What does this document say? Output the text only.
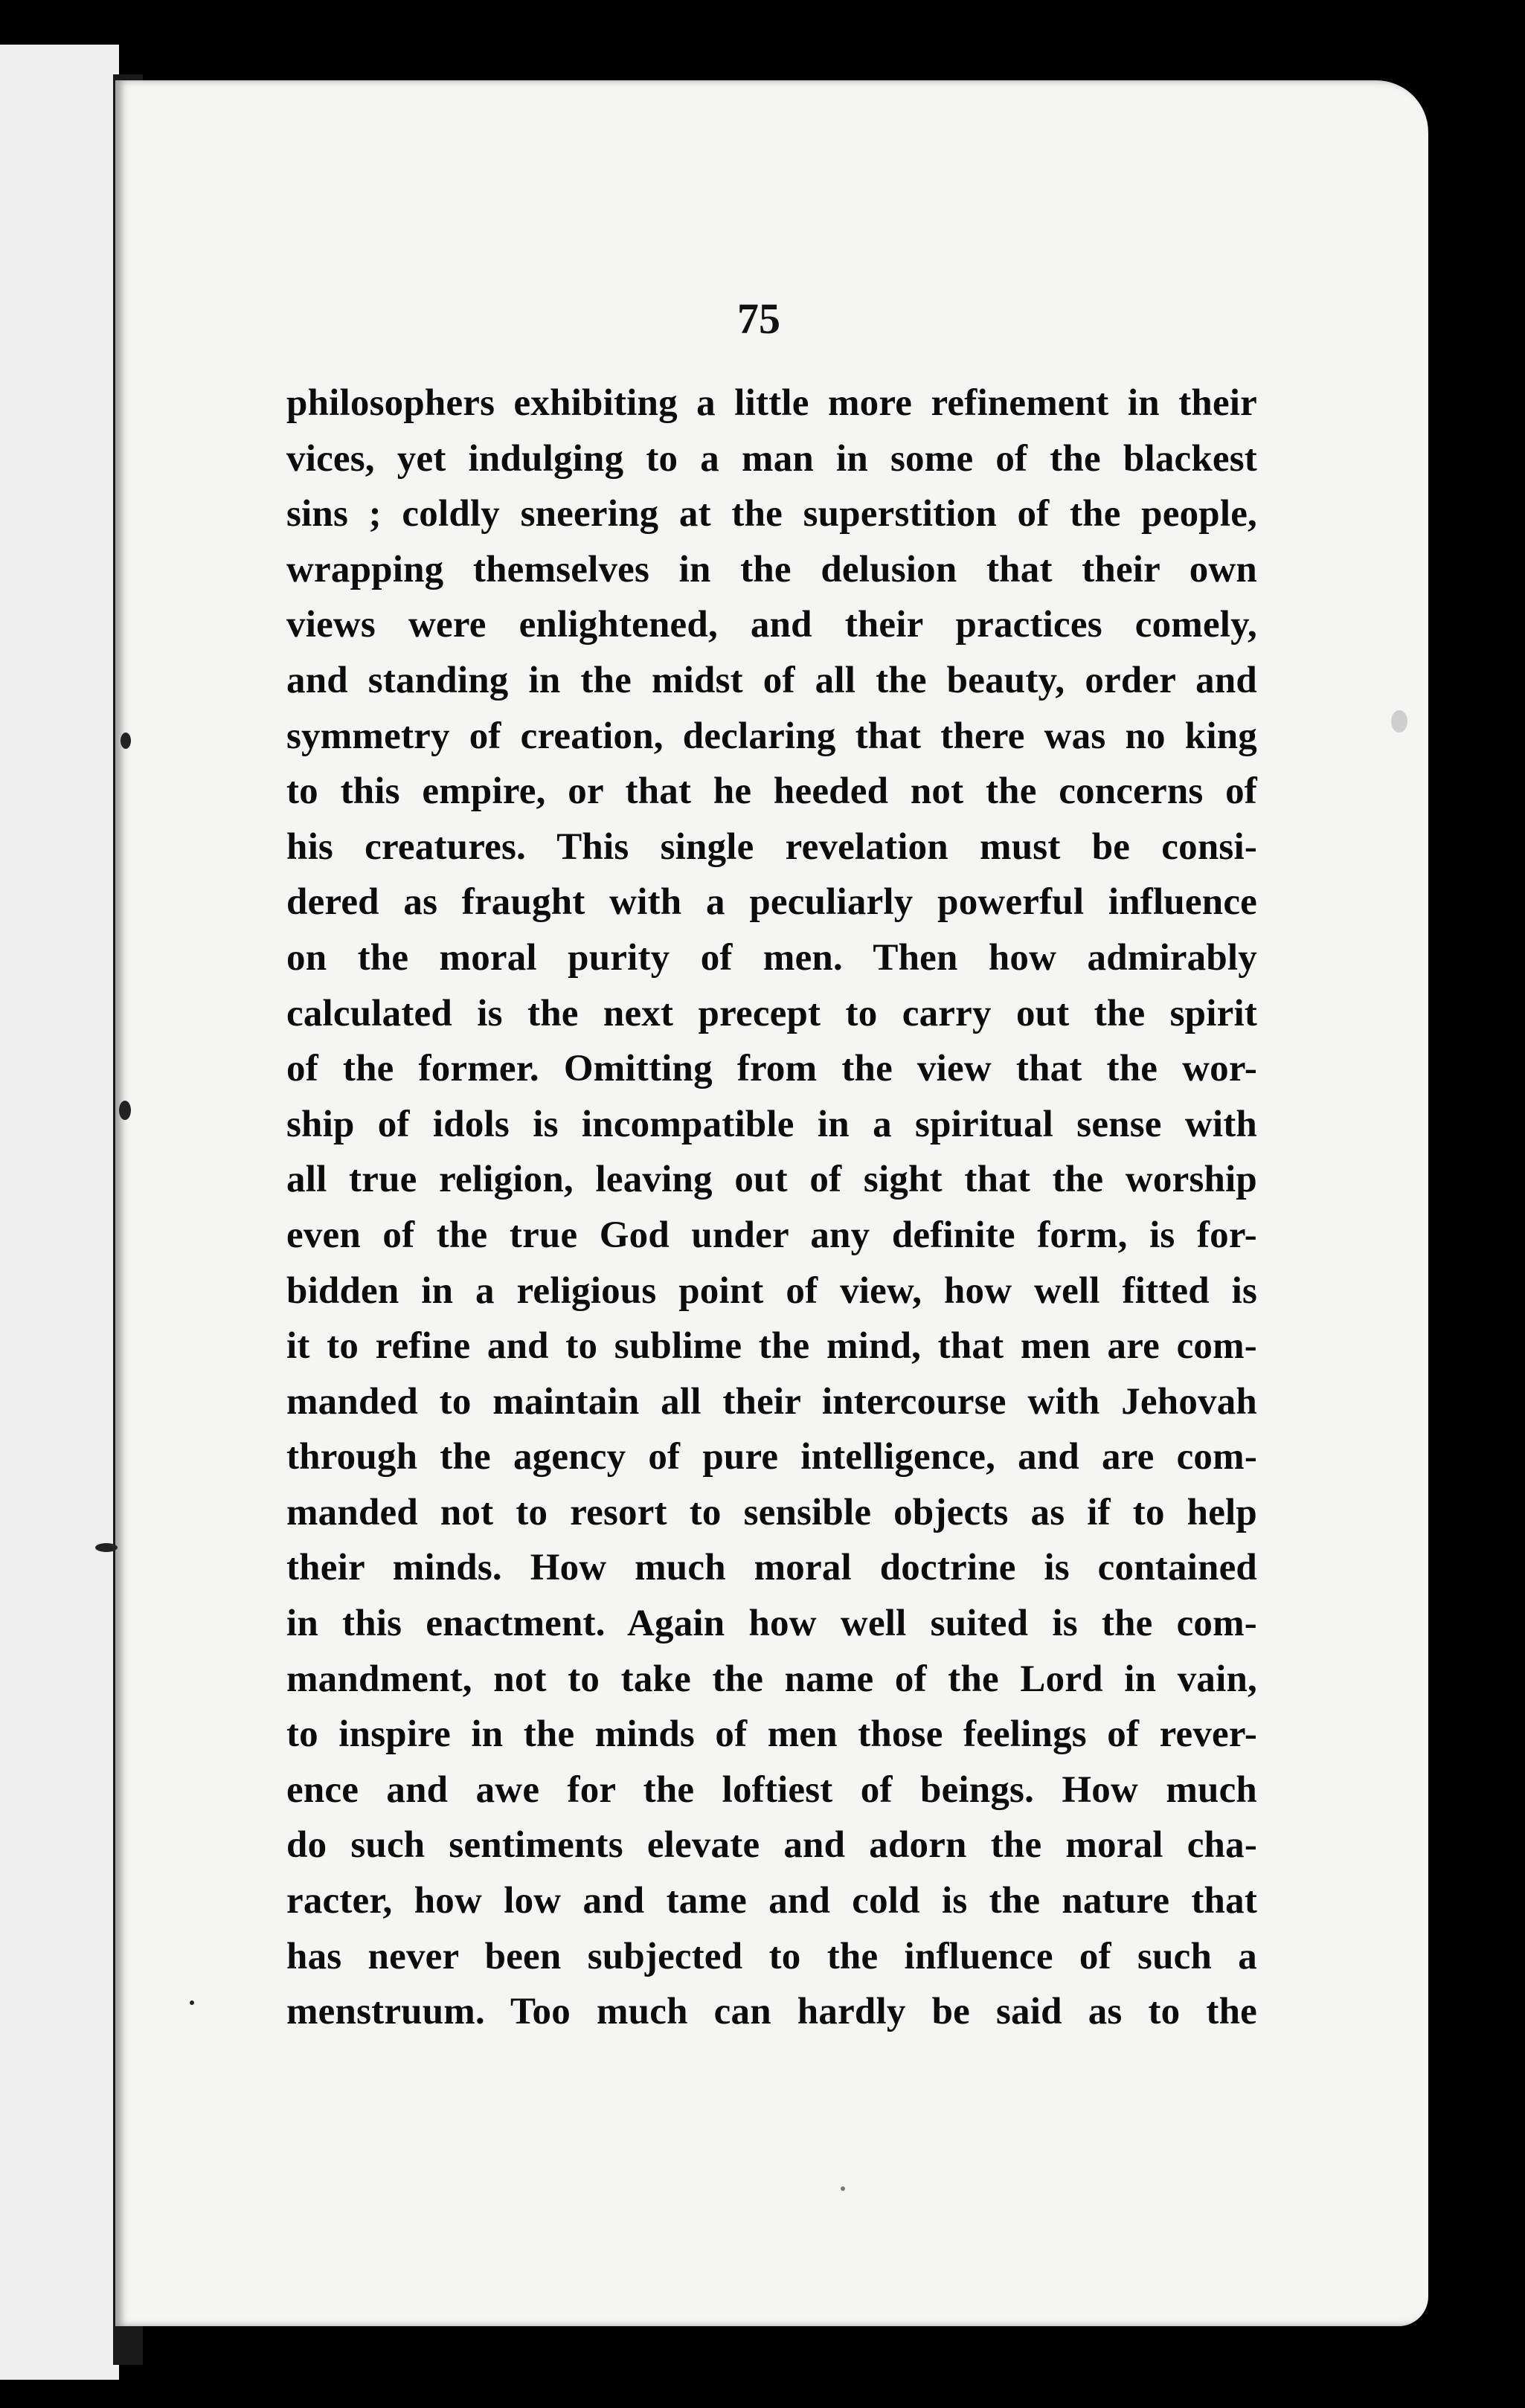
75
philosophers exhibiting a little more refinement in their
vices, yet indulging to a man in some of the blackest
sins ; coldly sneering at the superstition of the people,
wrapping themselves in the delusion that their own
views were enlightened, and their practices comely,
and standing in the midst of all the beauty, order and
symmetry of creation, declaring that there was no king
to this empire, or that he heeded not the concerns of
his creatures. This single revelation must be consi-
dered as fraught with a peculiarly powerful influence
on the moral purity of men. Then how admirably
calculated is the next precept to carry out the spirit
of the former. Omitting from the view that the wor-
ship of idols is incompatible in a spiritual sense with
all true religion, leaving out of sight that the worship
even of the true God under any definite form, is for-
bidden in a religious point of view, how well fitted is
it to refine and to sublime the mind, that men are com-
manded to maintain all their intercourse with Jehovah
through the agency of pure intelligence, and are com-
manded not to resort to sensible objects as if to help
their minds. How much moral doctrine is contained
in this enactment. Again how well suited is the com-
mandment, not to take the name of the Lord in vain,
to inspire in the minds of men those feelings of rever-
ence and awe for the loftiest of beings. How much
do such sentiments elevate and adorn the moral cha-
racter, how low and tame and cold is the nature that
has never been subjected to the influence of such a
menstruum. Too much can hardly be said as to the
